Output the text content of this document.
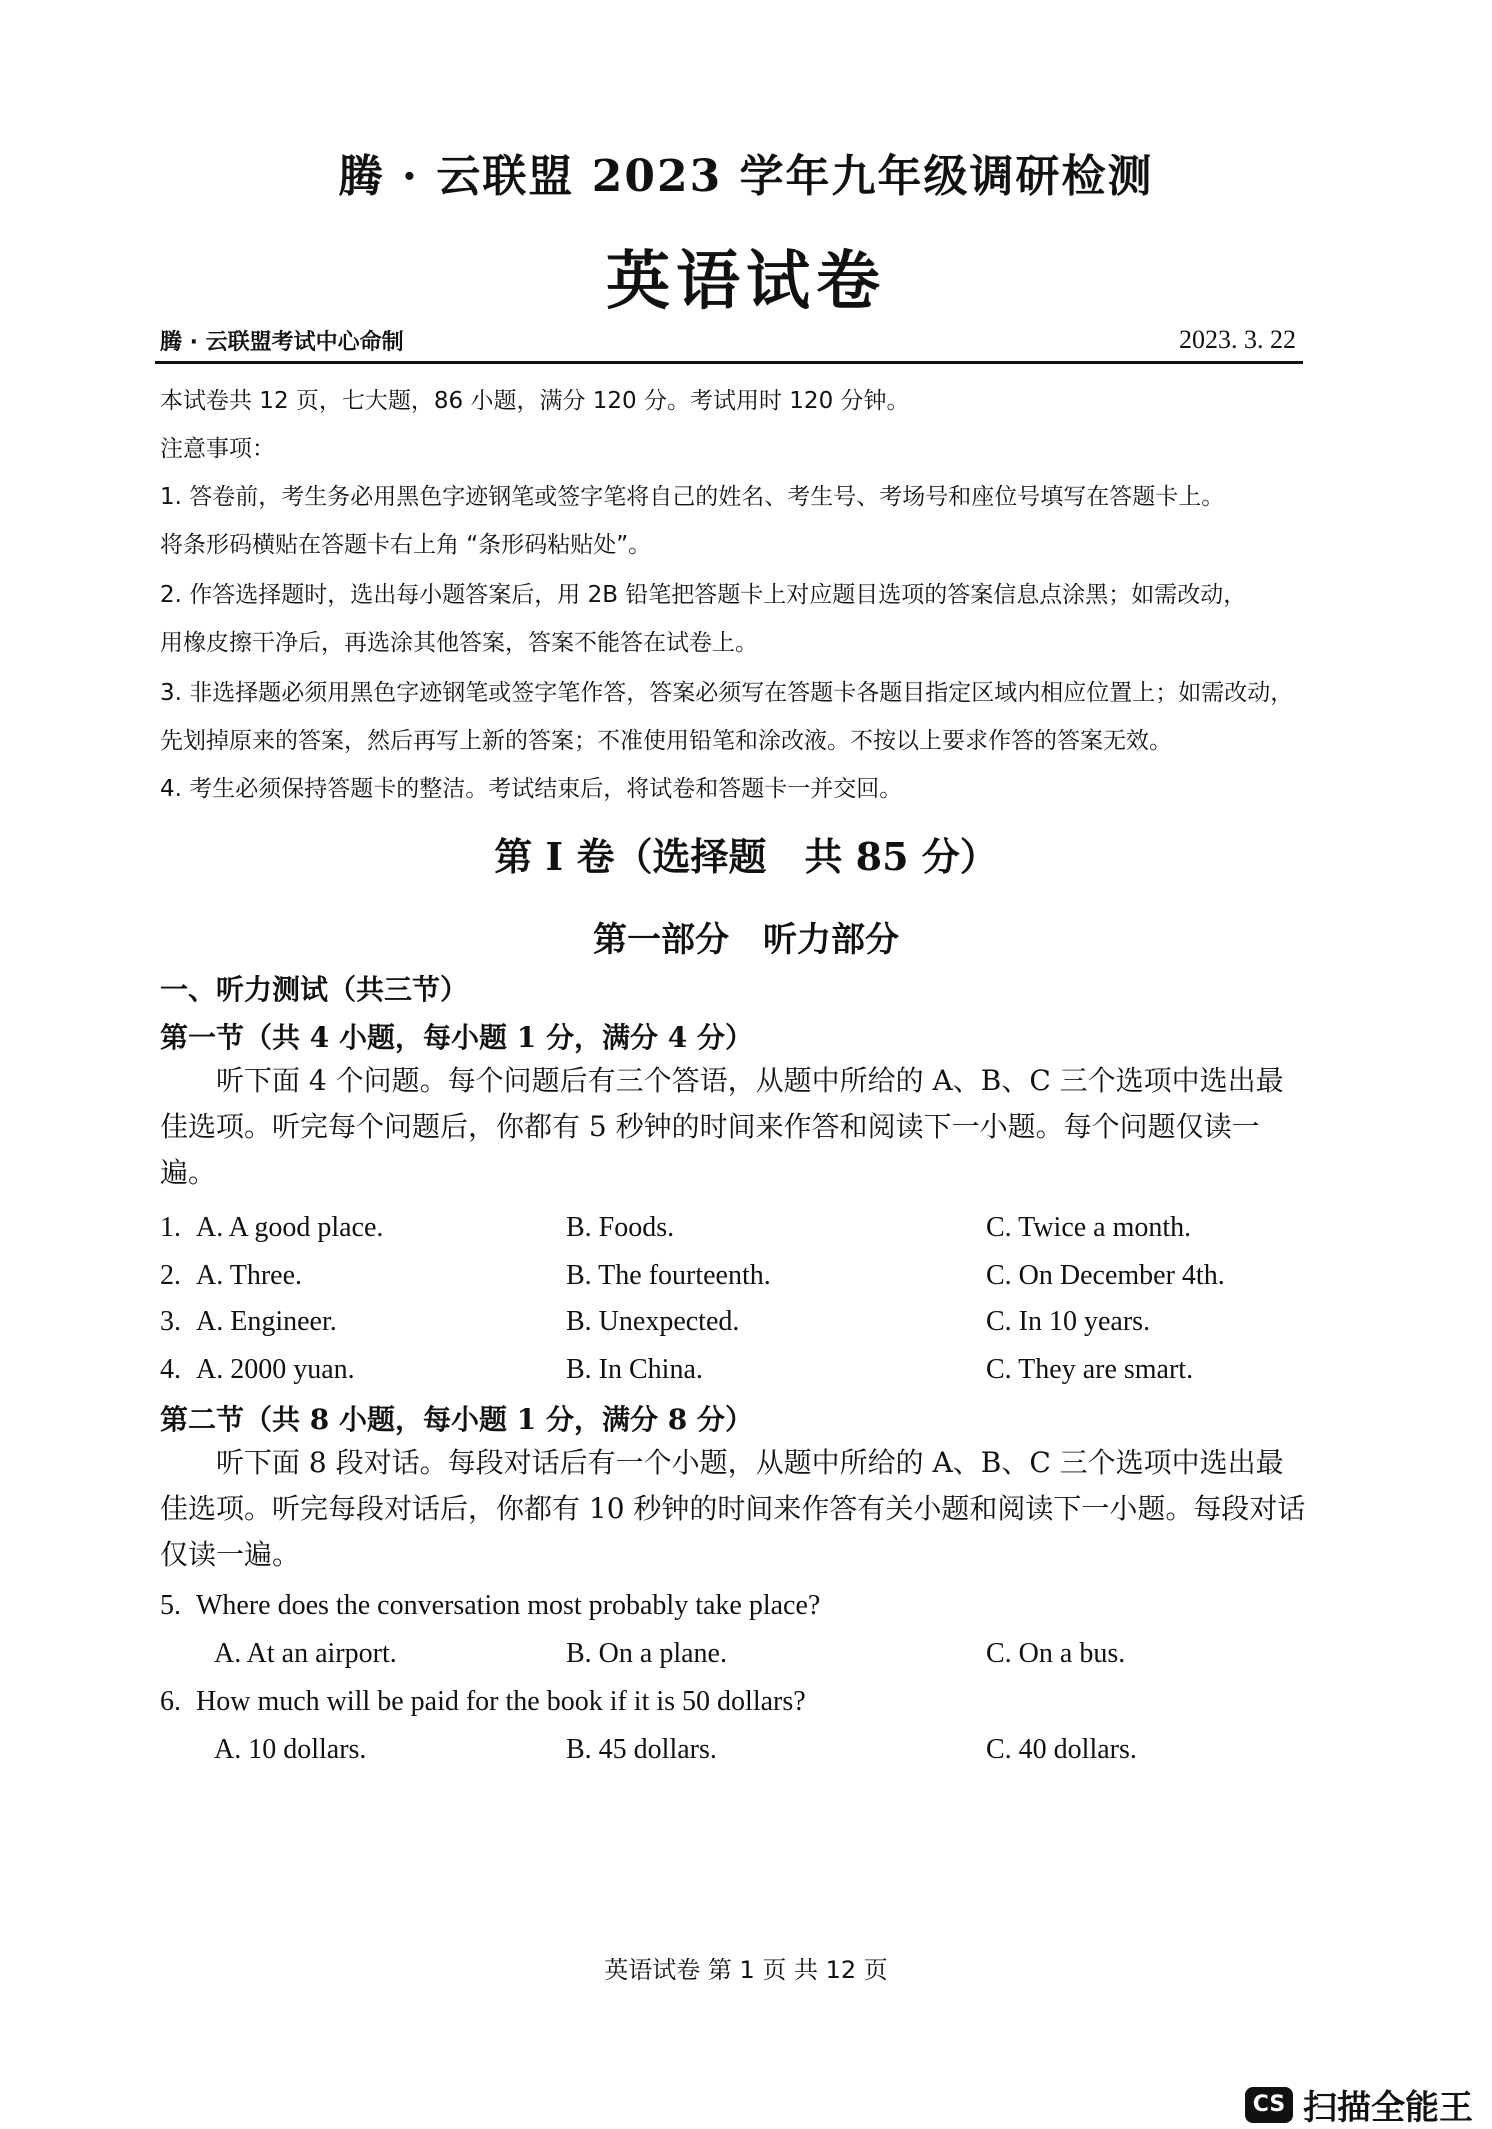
腾 · 云联盟 2023 学年九年级调研检测
英语试卷
腾 · 云联盟考试中心命制	2023. 3. 22
本试卷共 12 页，七大题，86 小题，满分 120 分。考试用时 120 分钟。
注意事项：
1. 答卷前，考生务必用黑色字迹钢笔或签字笔将自己的姓名、考生号、考场号和座位号填写在答题卡上。
将条形码横贴在答题卡右上角 “条形码粘贴处”。
2. 作答选择题时，选出每小题答案后，用 2B 铅笔把答题卡上对应题目选项的答案信息点涂黑；如需改动，
用橡皮擦干净后，再选涂其他答案，答案不能答在试卷上。
3. 非选择题必须用黑色字迹钢笔或签字笔作答，答案必须写在答题卡各题目指定区域内相应位置上；如需改动，
先划掉原来的答案，然后再写上新的答案；不准使用铅笔和涂改液。不按以上要求作答的答案无效。
4. 考生必须保持答题卡的整洁。考试结束后，将试卷和答题卡一并交回。
第 I 卷（选择题　共 85 分）
第一部分　听力部分
一、听力测试（共三节）
第一节（共 4 小题，每小题 1 分，满分 4 分）
听下面 4 个问题。每个问题后有三个答语，从题中所给的 A、B、C 三个选项中选出最佳选项。听完每个问题后，你都有 5 秒钟的时间来作答和阅读下一小题。每个问题仅读一遍。
1. A. A good place.	B. Foods.	C. Twice a month.
2. A. Three.	B. The fourteenth.	C. On December 4th.
3. A. Engineer.	B. Unexpected.	C. In 10 years.
4. A. 2000 yuan.	B. In China.	C. They are smart.
第二节（共 8 小题，每小题 1 分，满分 8 分）
听下面 8 段对话。每段对话后有一个小题，从题中所给的 A、B、C 三个选项中选出最佳选项。听完每段对话后，你都有 10 秒钟的时间来作答有关小题和阅读下一小题。每段对话仅读一遍。
5. Where does the conversation most probably take place?
A. At an airport.	B. On a plane.	C. On a bus.
6. How much will be paid for the book if it is 50 dollars?
A. 10 dollars.	B. 45 dollars.	C. 40 dollars.
英语试卷 第 1 页 共 12 页
CS 扫描全能王
